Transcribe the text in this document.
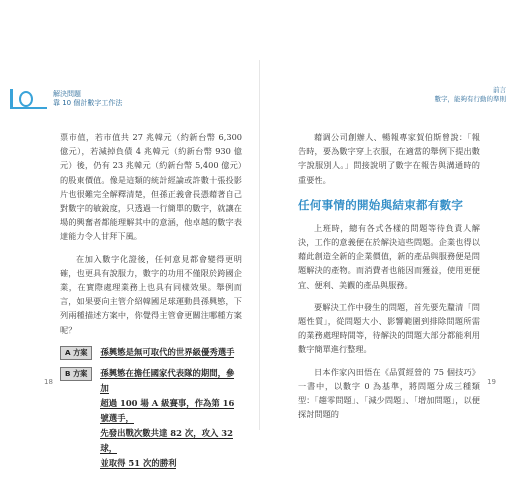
解決問題
靠 10 個計數字工作法
前言
數字，能夠有行動的準則

票市值，若市值共 27 兆韓元（約新台幣 6,300 億元），若減掉負債 4 兆韓元（約新台幣 930 億元）後，仍有 23 兆韓元（約新台幣 5,400 億元）的股東價值。像是這類的統計經論或許數十張投影片也很難完全解釋清楚，但孫正義會長憑藉著自己對數字的敏銳度，只透過一行簡單的數字，就讓在場的興奮者都能理解其中的意涵，他卓越的數字表達能力令人甘拜下風。

在加入數字化證後，任何意見都會變得更明確，也更具有說服力，數字的功用不僅限於跨國企業，在實際處理業務上也具有同樣效果。舉例而言，如果要向主管介紹韓國足球運動員孫興慜，下列兩種描述方案中，你覺得主管會更關注哪種方案呢？

A 方案	孫興慜是無可取代的世界級優秀選手
B 方案	孫興慜在擔任國家代表隊的期間，參加
超過 100 場 A 級賽事，作為第 16 號選手，
先發出戰次數共達 82 次，攻入 32 球，
並取得 51 次的勝利
18

藉调公司創辦人、暢報專家賀伯斯曾說：「報告時，要為數字穿上衣服，在適當的舉例下提出數字說服別人。」問接說明了數字在報告與溝通時的重要性。

任何事情的開始與結束都有數字

上班時，總有各式各樣的問題等待負責人解決，工作的意義便在於解決這些問題。企業也得以藉此創造全新的企業價值，新的產品與服務便是問題解決的產物。而消費者也能因而獲益，使用更便宜、便利、美觀的產品與服務。

要解決工作中發生的問題，首先要先釐清「問題性質」，從問題大小、影響範圍到排除問題所需的業務處理時間等，待解決的問題大部分都能利用數字簡單進行整理。

日本作家內田悟在《品質經營的 75 個技巧》一書中，以數字 0 為基準，將問題分成三種類型：「趨零問題」、「減少問題」、「增加問題」，以便探討問題的

19
